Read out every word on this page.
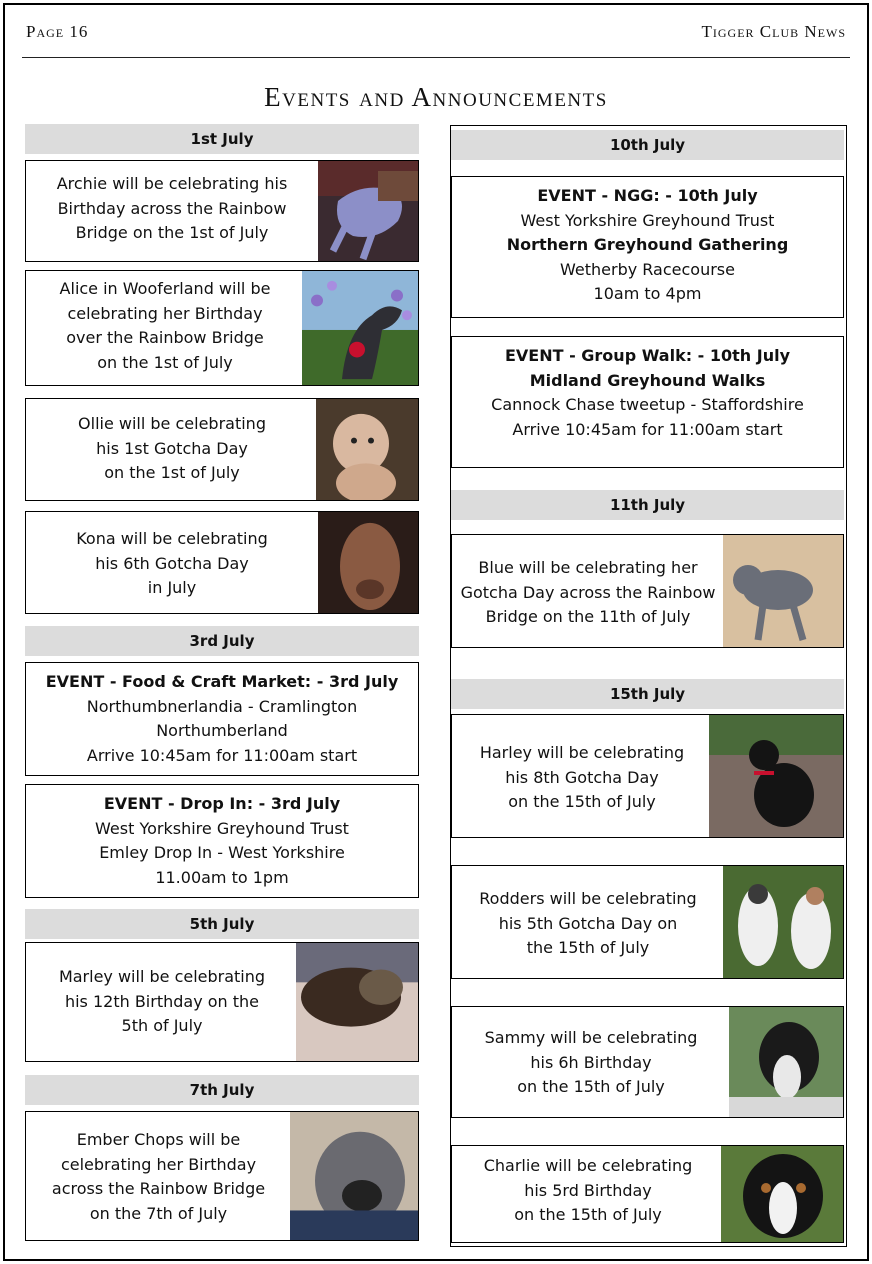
Page 16	Tigger Club News
Events and Announcements
1st July
Archie will be celebrating his
Birthday across the Rainbow
Bridge on the 1st of July
Alice in Wooferland will be
celebrating her Birthday
over the Rainbow Bridge
on the 1st of July
Ollie will be celebrating
his 1st Gotcha Day
on the 1st of July
Kona will be celebrating
his 6th Gotcha Day
in July
3rd July
EVENT - Food & Craft Market: - 3rd July
Northumbnerlandia - Cramlington
Northumberland
Arrive 10:45am for 11:00am start
EVENT - Drop In: - 3rd July
West Yorkshire Greyhound Trust
Emley Drop In - West Yorkshire
11.00am to 1pm
5th July
Marley will be celebrating
his 12th Birthday on the
5th of July
7th July
Ember Chops will be
celebrating her Birthday
across the Rainbow Bridge
on the 7th of July
10th July
EVENT - NGG: - 10th July
West Yorkshire Greyhound Trust
Northern Greyhound Gathering
Wetherby Racecourse
10am to 4pm
EVENT - Group Walk: - 10th July
Midland Greyhound Walks
Cannock Chase tweetup - Staffordshire
Arrive 10:45am for 11:00am start
11th July
Blue will be celebrating her
Gotcha Day across the Rainbow
Bridge on the 11th of July
15th July
Harley will be celebrating
his 8th Gotcha Day
on the 15th of July
Rodders will be celebrating
his 5th Gotcha Day on
the 15th of July
Sammy will be celebrating
his 6h Birthday
on the 15th of July
Charlie will be celebrating
his 5rd Birthday
on the 15th of July
